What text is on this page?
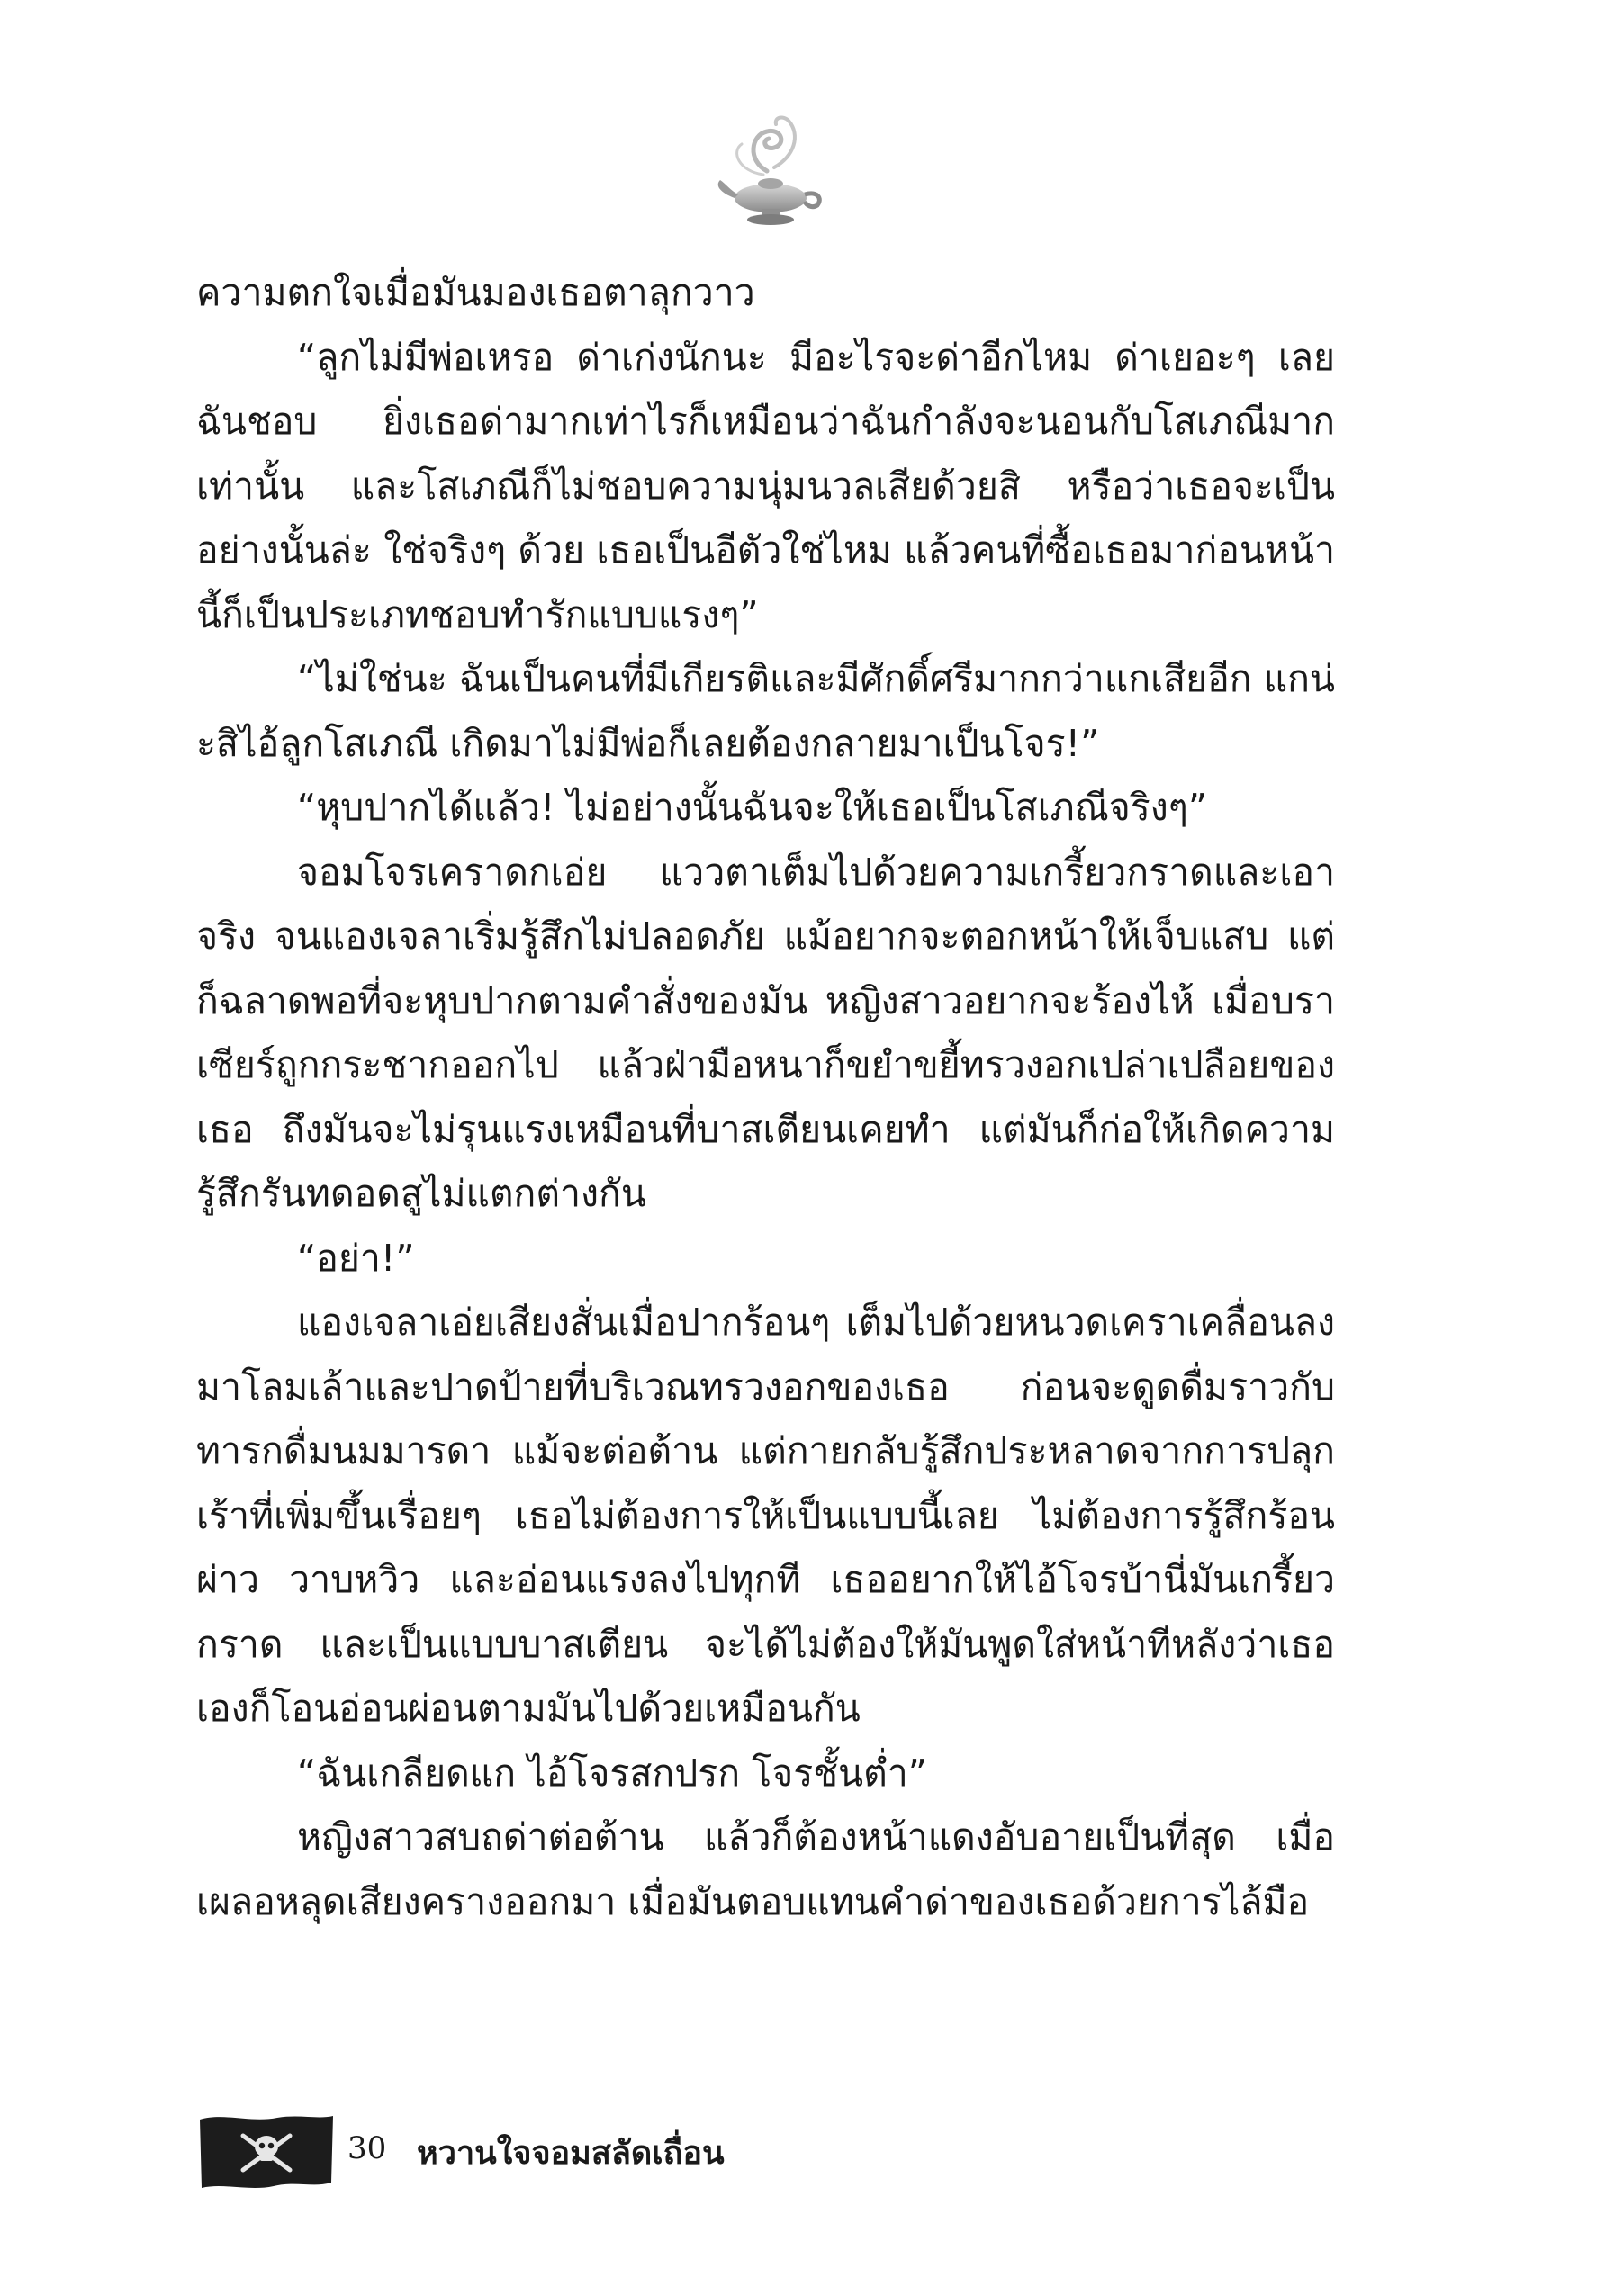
ความตกใจเมื่อมันมองเธอตาลุกวาว

“ลูกไม่มีพ่อเหรอ ด่าเก่งนักนะ มีอะไรจะด่าอีกไหม ด่าเยอะๆ เลย ฉันชอบ ยิ่งเธอด่ามากเท่าไรก็เหมือนว่าฉันกำลังจะนอนกับโสเภณีมากเท่านั้น และโสเภณีก็ไม่ชอบความนุ่มนวลเสียด้วยสิ หรือว่าเธอจะเป็นอย่างนั้นล่ะ ใช่จริงๆ ด้วย เธอเป็นอีตัวใช่ไหม แล้วคนที่ซื้อเธอมาก่อนหน้านี้ก็เป็นประเภทชอบทำรักแบบแรงๆ”

“ไม่ใช่นะ ฉันเป็นคนที่มีเกียรติและมีศักดิ์ศรีมากกว่าแกเสียอีก แกน่ะสิไอ้ลูกโสเภณี เกิดมาไม่มีพ่อก็เลยต้องกลายมาเป็นโจร!”

“หุบปากได้แล้ว! ไม่อย่างนั้นฉันจะให้เธอเป็นโสเภณีจริงๆ”

จอมโจรเคราดกเอ่ย แววตาเต็มไปด้วยความเกรี้ยวกราดและเอาจริง จนแองเจลาเริ่มรู้สึกไม่ปลอดภัย แม้อยากจะตอกหน้าให้เจ็บแสบ แต่ก็ฉลาดพอที่จะหุบปากตามคำสั่งของมัน หญิงสาวอยากจะร้องไห้ เมื่อบราเซียร์ถูกกระชากออกไป แล้วฝ่ามือหนาก็ขยำขยี้ทรวงอกเปล่าเปลือยของเธอ ถึงมันจะไม่รุนแรงเหมือนที่บาสเตียนเคยทำ แต่มันก็ก่อให้เกิดความรู้สึกรันทดอดสูไม่แตกต่างกัน

“อย่า!”

แองเจลาเอ่ยเสียงสั่นเมื่อปากร้อนๆ เต็มไปด้วยหนวดเคราเคลื่อนลงมาโลมเล้าและปาดป้ายที่บริเวณทรวงอกของเธอ ก่อนจะดูดดื่มราวกับทารกดื่มนมมารดา แม้จะต่อต้าน แต่กายกลับรู้สึกประหลาดจากการปลุกเร้าที่เพิ่มขึ้นเรื่อยๆ เธอไม่ต้องการให้เป็นแบบนี้เลย ไม่ต้องการรู้สึกร้อนผ่าว วาบหวิว และอ่อนแรงลงไปทุกที เธออยากให้ไอ้โจรบ้านี่มันเกรี้ยวกราด และเป็นแบบบาสเตียน จะได้ไม่ต้องให้มันพูดใส่หน้าทีหลังว่าเธอเองก็โอนอ่อนผ่อนตามมันไปด้วยเหมือนกัน

“ฉันเกลียดแก ไอ้โจรสกปรก โจรชั้นต่ำ”

หญิงสาวสบถด่าต่อต้าน แล้วก็ต้องหน้าแดงอับอายเป็นที่สุด เมื่อเผลอหลุดเสียงครางออกมา เมื่อมันตอบแทนคำด่าของเธอด้วยการไล้มือ

30 หวานใจจอมสลัดเถื่อน
